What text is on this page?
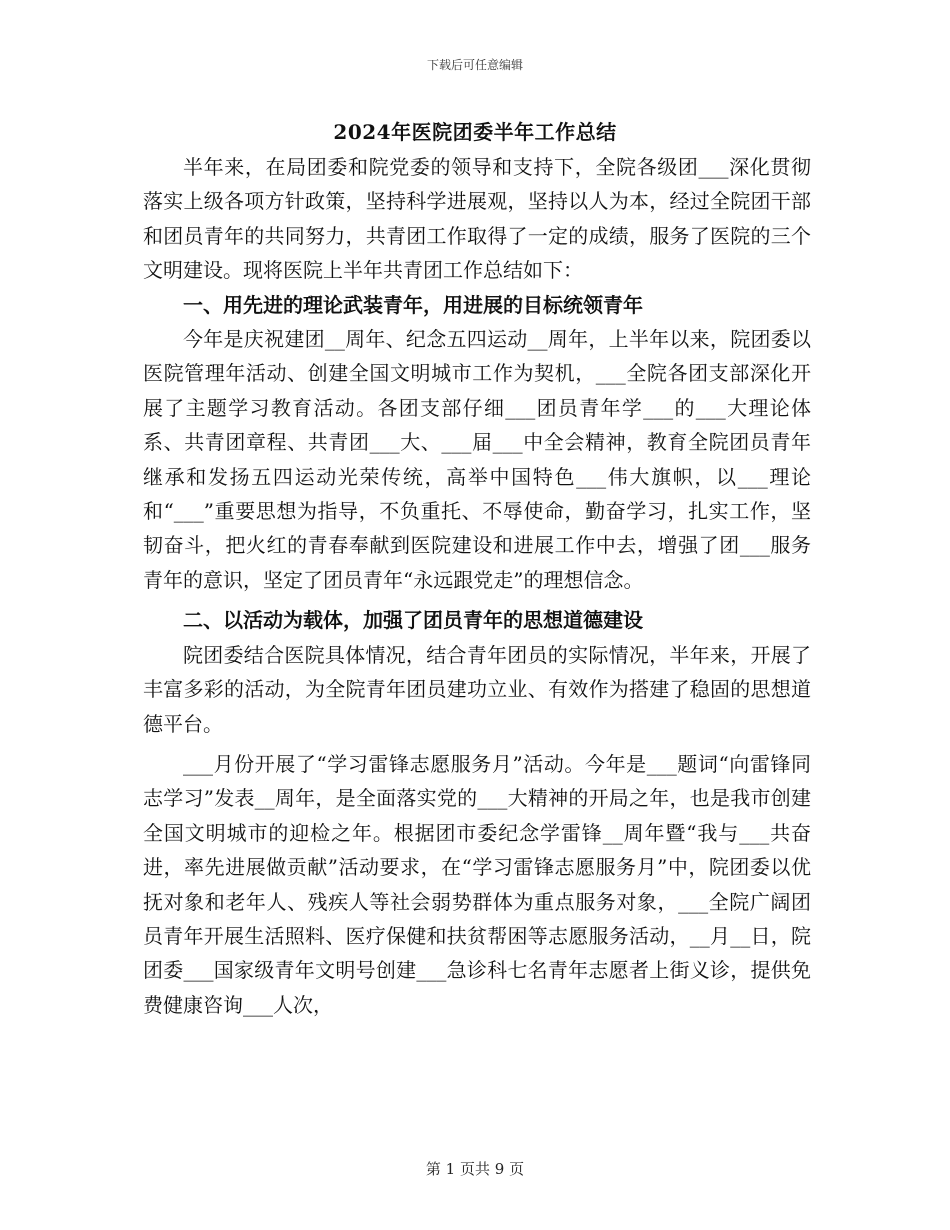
下载后可任意编辑
2024年医院团委半年工作总结

半年来，在局团委和院党委的领导和支持下，全院各级团___深化贯彻落实上级各项方针政策，坚持科学进展观，坚持以人为本，经过全院团干部和团员青年的共同努力，共青团工作取得了一定的成绩，服务了医院的三个文明建设。现将医院上半年共青团工作总结如下：

一、用先进的理论武装青年，用进展的目标统领青年

今年是庆祝建团__周年、纪念五四运动__周年，上半年以来，院团委以医院管理年活动、创建全国文明城市工作为契机，___全院各团支部深化开展了主题学习教育活动。各团支部仔细___团员青年学___的___大理论体系、共青团章程、共青团___大、___届___中全会精神，教育全院团员青年继承和发扬五四运动光荣传统，高举中国特色___伟大旗帜，以___理论和“___”重要思想为指导，不负重托、不辱使命，勤奋学习，扎实工作，坚韧奋斗，把火红的青春奉献到医院建设和进展工作中去，增强了团___服务青年的意识，坚定了团员青年“永远跟党走”的理想信念。

二、以活动为载体，加强了团员青年的思想道德建设

院团委结合医院具体情况，结合青年团员的实际情况，半年来，开展了丰富多彩的活动，为全院青年团员建功立业、有效作为搭建了稳固的思想道德平台。

___月份开展了“学习雷锋志愿服务月”活动。今年是___题词“向雷锋同志学习”发表__周年，是全面落实党的___大精神的开局之年，也是我市创建全国文明城市的迎检之年。根据团市委纪念学雷锋__周年暨“我与___共奋进，率先进展做贡献”活动要求，在“学习雷锋志愿服务月”中，院团委以优抚对象和老年人、残疾人等社会弱势群体为重点服务对象，___全院广阔团员青年开展生活照料、医疗保健和扶贫帮困等志愿服务活动，__月__日，院团委___国家级青年文明号创建___急诊科七名青年志愿者上街义诊，提供免费健康咨询___人次，

第 1 页共 9 页
